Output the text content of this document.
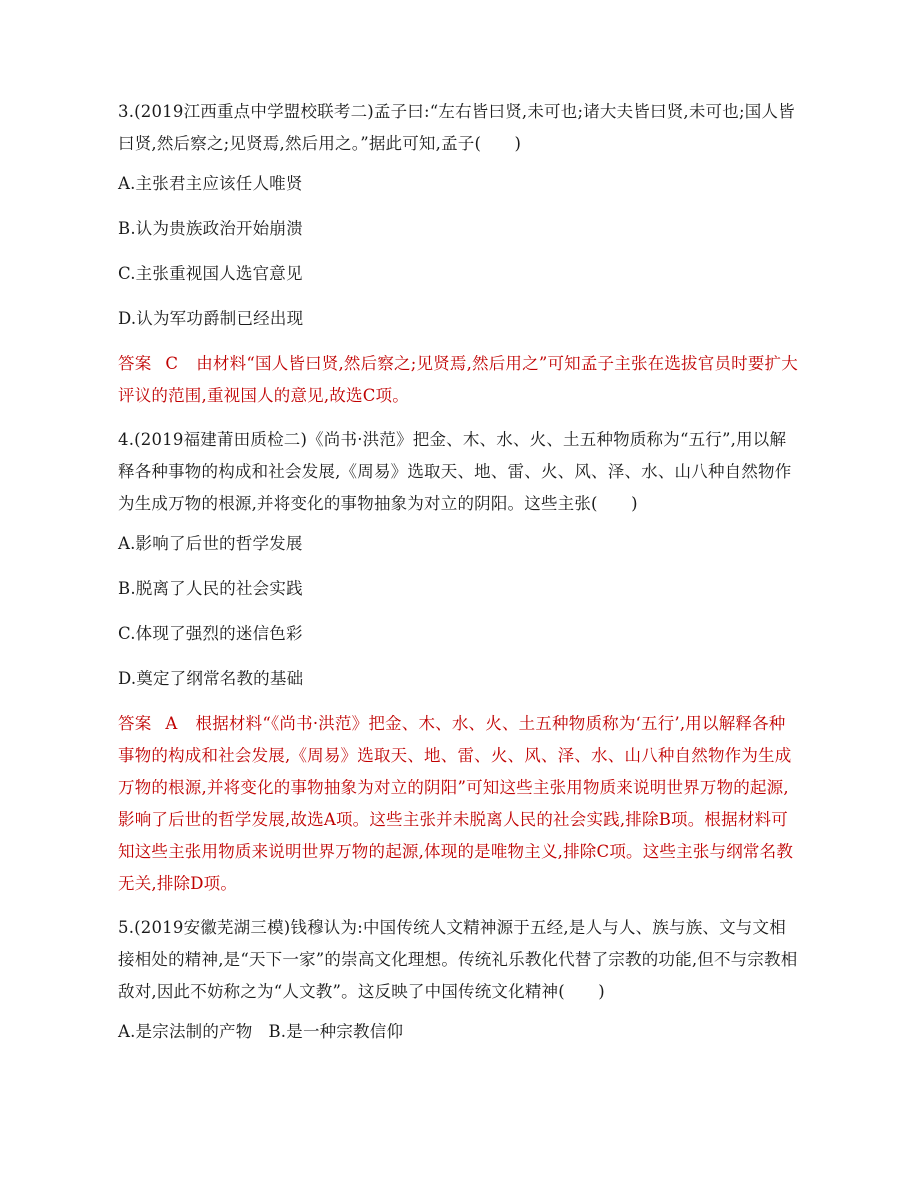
3.(2019江西重点中学盟校联考二)孟子曰:“左右皆曰贤,未可也;诸大夫皆曰贤,未可也;国人皆曰贤,然后察之;见贤焉,然后用之。”据此可知,孟子(　　)

A.主张君主应该任人唯贤

B.认为贵族政治开始崩溃

C.主张重视国人选官意见

D.认为军功爵制已经出现

答案 C 由材料“国人皆曰贤,然后察之;见贤焉,然后用之”可知孟子主张在选拔官员时要扩大评议的范围,重视国人的意见,故选C项。

4.(2019福建莆田质检二)《尚书·洪范》把金、木、水、火、土五种物质称为“五行”,用以解释各种事物的构成和社会发展,《周易》选取天、地、雷、火、风、泽、水、山八种自然物作为生成万物的根源,并将变化的事物抽象为对立的阴阳。这些主张(　　)

A.影响了后世的哲学发展

B.脱离了人民的社会实践

C.体现了强烈的迷信色彩

D.奠定了纲常名教的基础

答案 A 根据材料“《尚书·洪范》把金、木、水、火、土五种物质称为‘五行’,用以解释各种事物的构成和社会发展,《周易》选取天、地、雷、火、风、泽、水、山八种自然物作为生成万物的根源,并将变化的事物抽象为对立的阴阳”可知这些主张用物质来说明世界万物的起源,影响了后世的哲学发展,故选A项。这些主张并未脱离人民的社会实践,排除B项。根据材料可知这些主张用物质来说明世界万物的起源,体现的是唯物主义,排除C项。这些主张与纲常名教无关,排除D项。

5.(2019安徽芜湖三模)钱穆认为:中国传统人文精神源于五经,是人与人、族与族、文与文相接相处的精神,是“天下一家”的崇高文化理想。传统礼乐教化代替了宗教的功能,但不与宗教相敌对,因此不妨称之为“人文教”。这反映了中国传统文化精神(　　)

A.是宗法制的产物 B.是一种宗教信仰
